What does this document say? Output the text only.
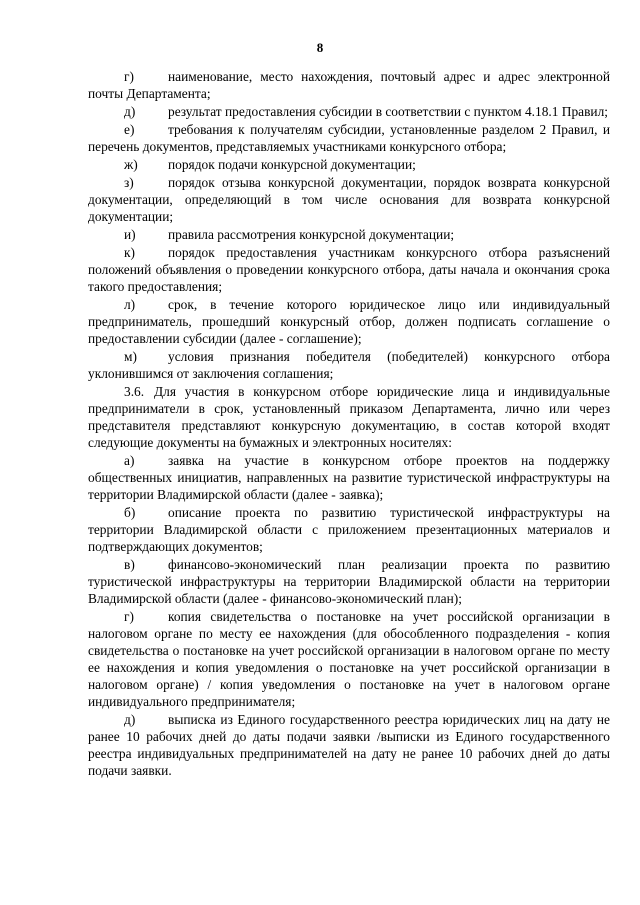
8

г)	наименование, место нахождения, почтовый адрес и адрес электронной почты Департамента;

д) результат предоставления субсидии в соответствии с пунктом 4.18.1 Правил;

е)	требования к получателям субсидии, установленные разделом 2 Правил, и перечень документов, представляемых участниками конкурсного отбора;

ж) порядок подачи конкурсной документации;

з)	порядок отзыва конкурсной документации, порядок возврата конкурсной документации, определяющий в том числе основания для возврата конкурсной документации;

и) правила рассмотрения конкурсной документации;

к) порядок предоставления участникам конкурсного отбора разъяснений положений объявления о проведении конкурсного отбора, даты начала и окончания срока такого предоставления;

л) срок, в течение которого юридическое лицо или индивидуальный предприниматель, прошедший конкурсный отбор, должен подписать соглашение о предоставлении субсидии (далее - соглашение);

м) условия признания победителя (победителей) конкурсного отбора уклонившимся от заключения соглашения;

3.6. Для участия в конкурсном отборе юридические лица и индивидуальные предприниматели в срок, установленный приказом Департамента, лично или через представителя представляют конкурсную документацию, в состав которой входят следующие документы на бумажных и электронных носителях:

а)	заявка на участие в конкурсном отборе проектов на поддержку общественных инициатив, направленных на развитие туристической инфраструктуры на территории Владимирской области (далее - заявка);

б) описание проекта по развитию туристической инфраструктуры на территории Владимирской области с приложением презентационных материалов и подтверждающих документов;

в) финансово-экономический план реализации проекта по развитию туристической инфраструктуры на территории Владимирской области на территории Владимирской области (далее - финансово-экономический план);

г)	копия свидетельства о постановке на учет российской организации в налоговом органе по месту ее нахождения (для обособленного подразделения - копия свидетельства о постановке на учет российской организации в налоговом органе по месту ее нахождения и копия уведомления о постановке на учет российской организации в налоговом органе) / копия уведомления о постановке на учет в налоговом органе индивидуального предпринимателя;

д) выписка из Единого государственного реестра юридических лиц на дату не ранее 10 рабочих дней до даты подачи заявки /выписки из Единого государственного реестра индивидуальных предпринимателей на дату не ранее 10 рабочих дней до даты подачи заявки.
